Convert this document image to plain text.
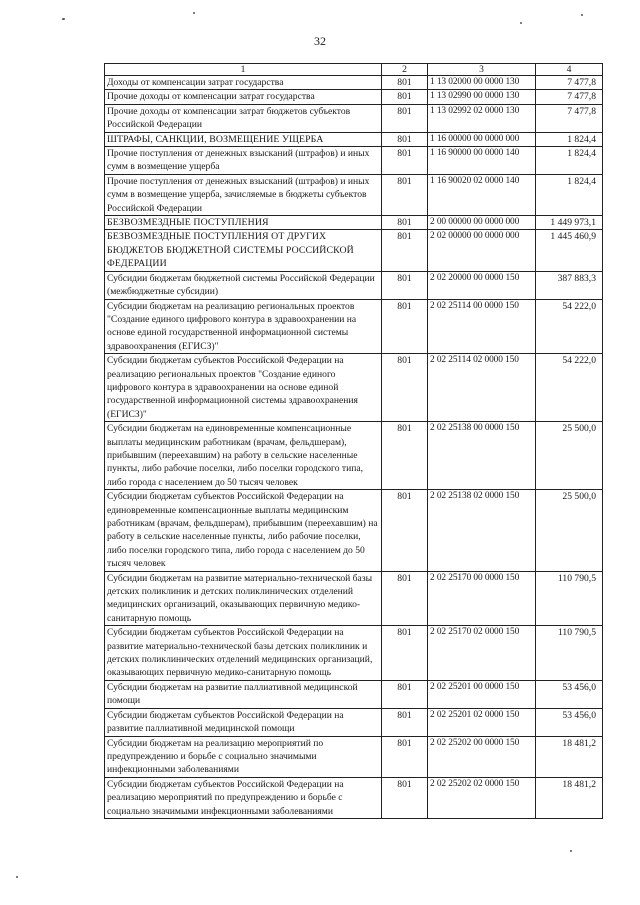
32
1	2	3	4
Доходы от компенсации затрат государства	801	1 13 02000 00 0000 130	7 477,8
Прочие доходы от компенсации затрат государства	801	1 13 02990 00 0000 130	7 477,8
Прочие доходы от компенсации затрат бюджетов субъектов Российской Федерации	801	1 13 02992 02 0000 130	7 477,8
ШТРАФЫ, САНКЦИИ, ВОЗМЕЩЕНИЕ УЩЕРБА	801	1 16 00000 00 0000 000	1 824,4
Прочие поступления от денежных взысканий (штрафов) и иных сумм в возмещение ущерба	801	1 16 90000 00 0000 140	1 824,4
Прочие поступления от денежных взысканий (штрафов) и иных сумм в возмещение ущерба, зачисляемые в бюджеты субъектов Российской Федерации	801	1 16 90020 02 0000 140	1 824,4
БЕЗВОЗМЕЗДНЫЕ ПОСТУПЛЕНИЯ	801	2 00 00000 00 0000 000	1 449 973,1
БЕЗВОЗМЕЗДНЫЕ ПОСТУПЛЕНИЯ ОТ ДРУГИХ БЮДЖЕТОВ БЮДЖЕТНОЙ СИСТЕМЫ РОССИЙСКОЙ ФЕДЕРАЦИИ	801	2 02 00000 00 0000 000	1 445 460,9
Субсидии бюджетам бюджетной системы Российской Федерации (межбюджетные субсидии)	801	2 02 20000 00 0000 150	387 883,3
Субсидии бюджетам на реализацию региональных проектов "Создание единого цифрового контура в здравоохранении на основе единой государственной информационной системы здравоохранения (ЕГИСЗ)"	801	2 02 25114 00 0000 150	54 222,0
Субсидии бюджетам субъектов Российской Федерации на реализацию региональных проектов "Создание единого цифрового контура в здравоохранении на основе единой государственной информационной системы здравоохранения (ЕГИСЗ)"	801	2 02 25114 02 0000 150	54 222,0
Субсидии бюджетам на единовременные компенсационные выплаты медицинским работникам (врачам, фельдшерам), прибывшим (переехавшим) на работу в сельские населенные пункты, либо рабочие поселки, либо поселки городского типа, либо города с населением до 50 тысяч человек	801	2 02 25138 00 0000 150	25 500,0
Субсидии бюджетам субъектов Российской Федерации на единовременные компенсационные выплаты медицинским работникам (врачам, фельдшерам), прибывшим (переехавшим) на работу в сельские населенные пункты, либо рабочие поселки, либо поселки городского типа, либо города с населением до 50 тысяч человек	801	2 02 25138 02 0000 150	25 500,0
Субсидии бюджетам на развитие материально-технической базы детских поликлиник и детских поликлинических отделений медицинских организаций, оказывающих первичную медико-санитарную помощь	801	2 02 25170 00 0000 150	110 790,5
Субсидии бюджетам субъектов Российской Федерации на развитие материально-технической базы детских поликлиник и детских поликлинических отделений медицинских организаций, оказывающих первичную медико-санитарную помощь	801	2 02 25170 02 0000 150	110 790,5
Субсидии бюджетам на развитие паллиативной медицинской помощи	801	2 02 25201 00 0000 150	53 456,0
Субсидии бюджетам субъектов Российской Федерации на развитие паллиативной медицинской помощи	801	2 02 25201 02 0000 150	53 456,0
Субсидии бюджетам на реализацию мероприятий по предупреждению и борьбе с социально значимыми инфекционными заболеваниями	801	2 02 25202 00 0000 150	18 481,2
Субсидии бюджетам субъектов Российской Федерации на реализацию мероприятий по предупреждению и борьбе с социально значимыми инфекционными заболеваниями	801	2 02 25202 02 0000 150	18 481,2
